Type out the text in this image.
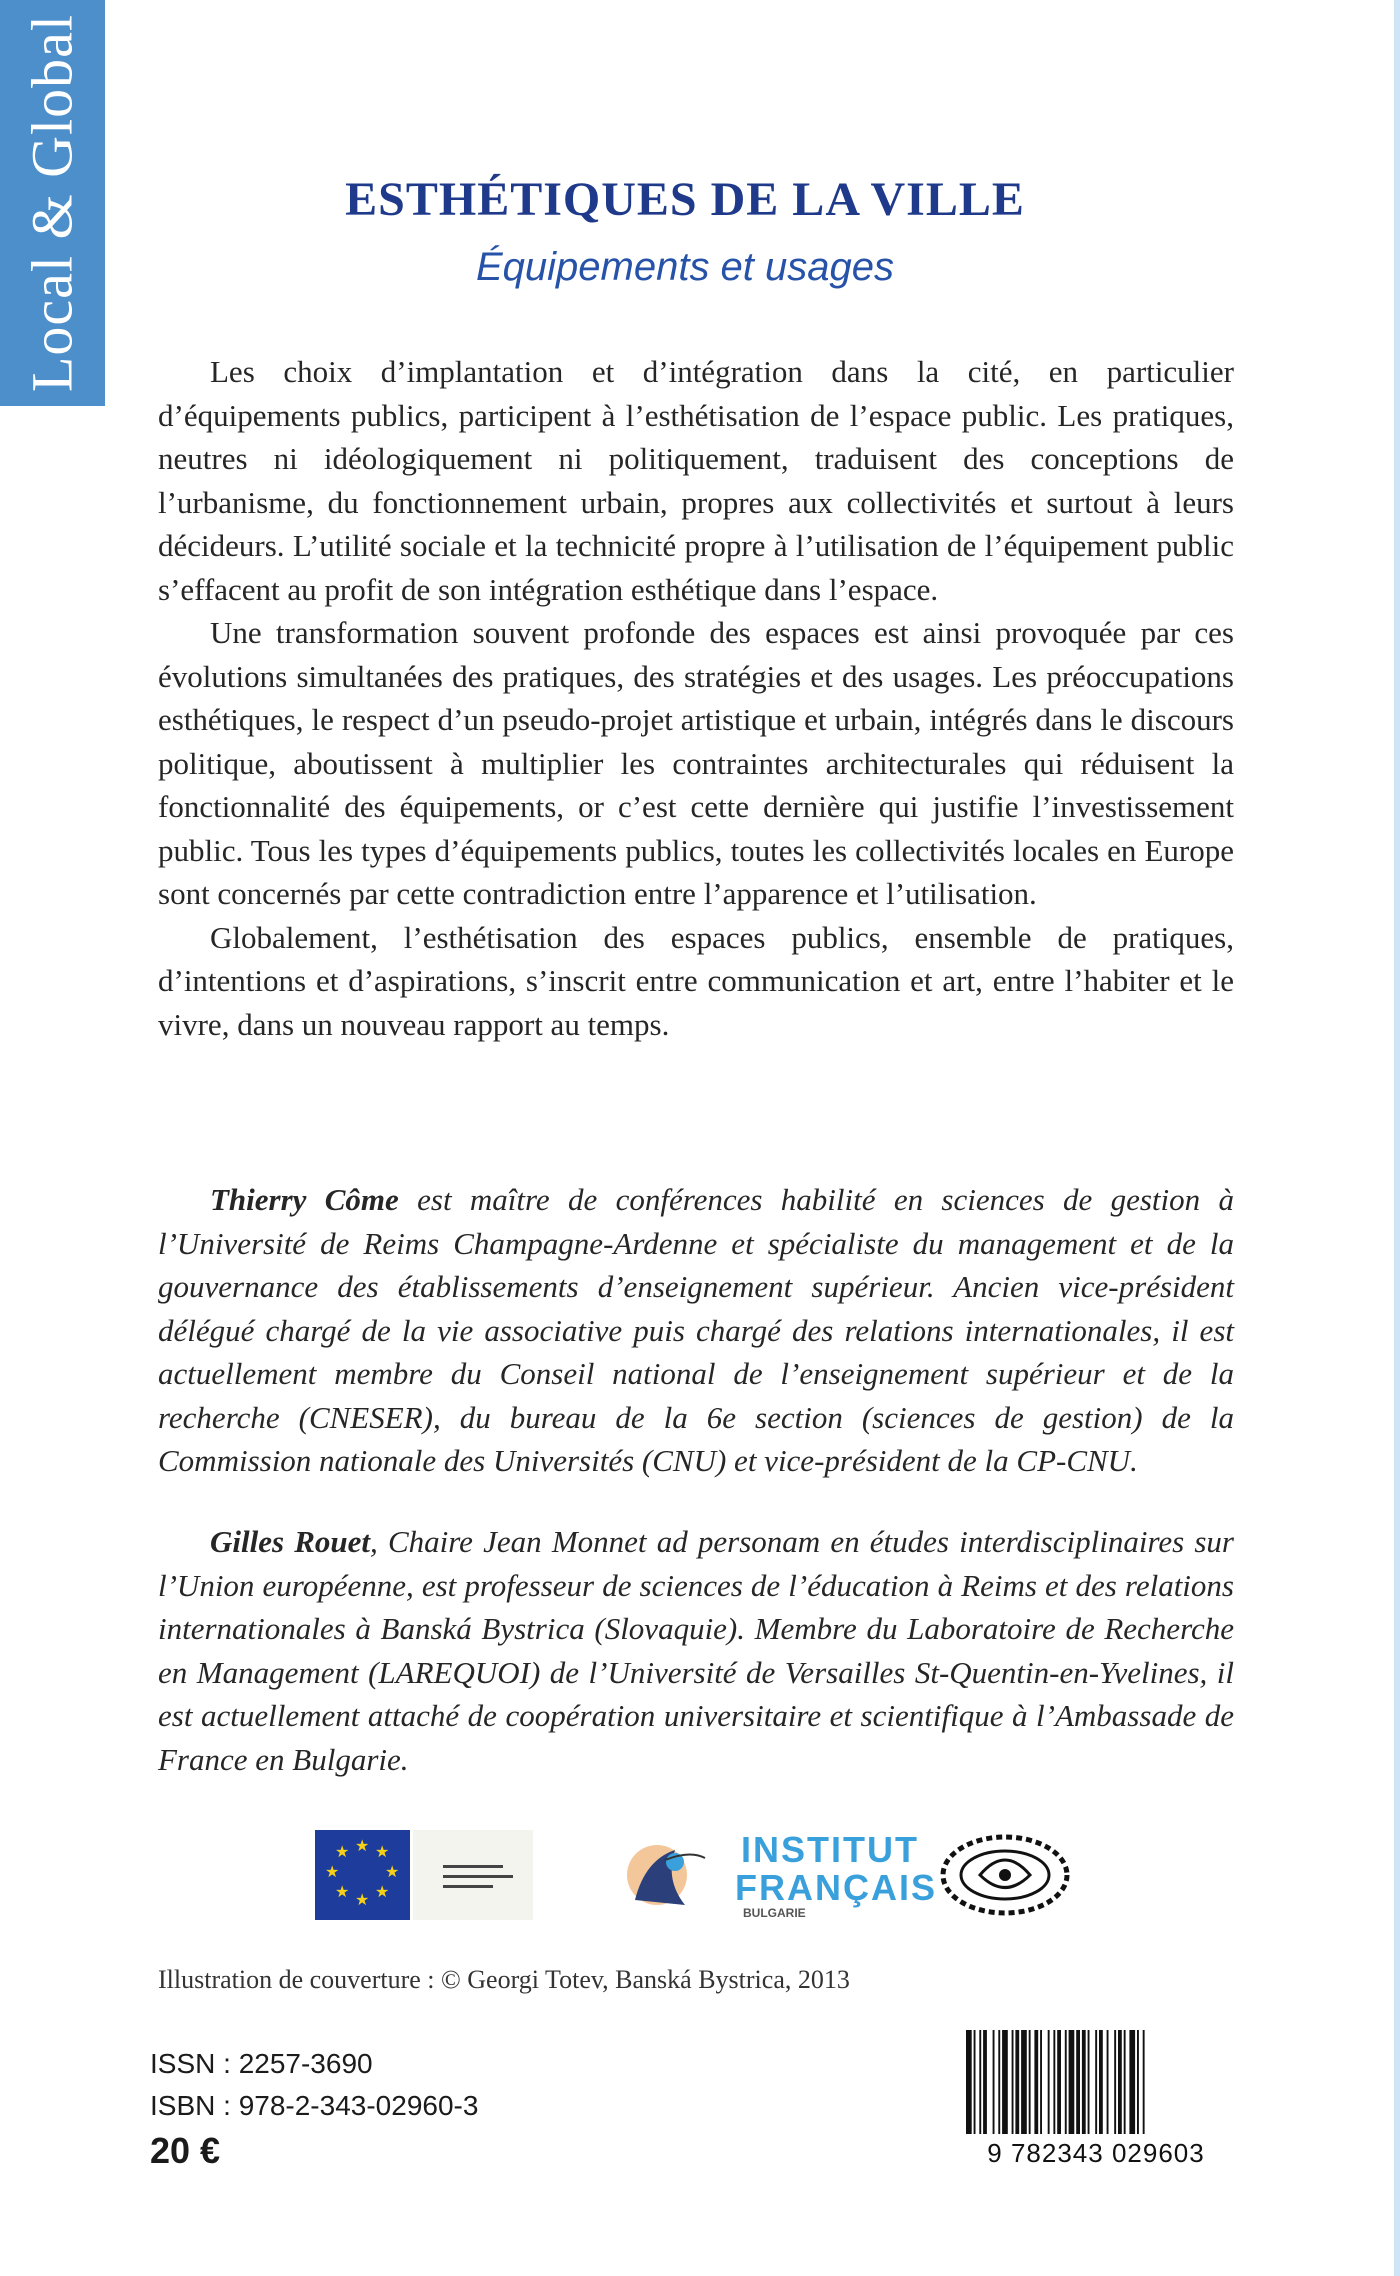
Local & Global	ESTHÉTIQUES DE LA VILLE
Équipements et usages

Les choix d’implantation et d’intégration dans la cité, en particulier d’équipements publics, participent à l’esthétisation de l’espace public. Les pratiques, neutres ni idéologiquement ni politiquement, traduisent des conceptions de l’urbanisme, du fonctionnement urbain, propres aux collectivités et surtout à leurs décideurs. L’utilité sociale et la technicité propre à l’utilisation de l’équipement public s’effacent au profit de son intégration esthétique dans l’espace.

Une transformation souvent profonde des espaces est ainsi provoquée par ces évolutions simultanées des pratiques, des stratégies et des usages. Les préoccupations esthétiques, le respect d’un pseudo-projet artistique et urbain, intégrés dans le discours politique, aboutissent à multiplier les contraintes architecturales qui réduisent la fonctionnalité des équipements, or c’est cette dernière qui justifie l’investissement public. Tous les types d’équipements publics, toutes les collectivités locales en Europe sont concernés par cette contradiction entre l’apparence et l’utilisation.

Globalement, l’esthétisation des espaces publics, ensemble de pratiques, d’intentions et d’aspirations, s’inscrit entre communication et art, entre l’habiter et le vivre, dans un nouveau rapport au temps.

Thierry Côme est maître de conférences habilité en sciences de gestion à l’Université de Reims Champagne-Ardenne et spécialiste du management et de la gouvernance des établissements d’enseignement supérieur. Ancien vice-président délégué chargé de la vie associative puis chargé des relations internationales, il est actuellement membre du Conseil national de l’enseignement supérieur et de la recherche (CNESER), du bureau de la 6e section (sciences de gestion) de la Commission nationale des Universités (CNU) et vice-président de la CP-CNU.

Gilles Rouet, Chaire Jean Monnet ad personam en études interdisciplinaires sur l’Union européenne, est professeur de sciences de l’éducation à Reims et des relations internationales à Banská Bystrica (Slovaquie). Membre du Laboratoire de Recherche en Management (LAREQUOI) de l’Université de Versailles St-Quentin-en-Yvelines, il est actuellement attaché de coopération universitaire et scientifique à l’Ambassade de France en Bulgarie.

★ ★
★
★
★
★
★
★	INSTITUT
FRANÇAIS
BULGARIE
Illustration de couverture : © Georgi Totev, Banská Bystrica, 2013
ISSN : 2257-3690
ISBN : 978-2-343-02960-3
20 €	9 782343 029603
